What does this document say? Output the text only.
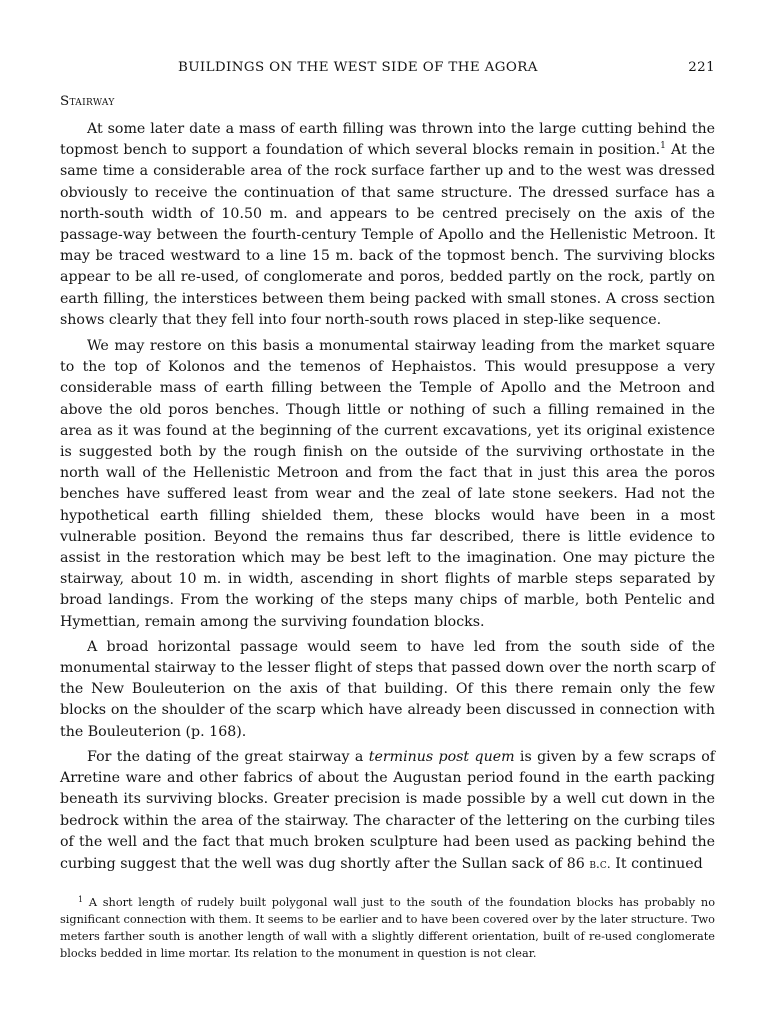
BUILDINGS ON THE WEST SIDE OF THE AGORA	221
Stairway

At some later date a mass of earth filling was thrown into the large cutting behind the topmost bench to support a foundation of which several blocks remain in position.$^1$ At the same time a considerable area of the rock surface farther up and to the west was dressed obviously to receive the continuation of that same structure. The dressed surface has a north-south width of 10.50 m. and appears to be centred precisely on the axis of the passage-way between the fourth-century Temple of Apollo and the Hellenistic Metroon. It may be traced westward to a line 15 m. back of the topmost bench. The surviving blocks appear to be all re-used, of conglomerate and poros, bedded partly on the rock, partly on earth filling, the interstices between them being packed with small stones. A cross section shows clearly that they fell into four north-south rows placed in step-like sequence.

We may restore on this basis a monumental stairway leading from the market square to the top of Kolonos and the temenos of Hephaistos. This would presuppose a very considerable mass of earth filling between the Temple of Apollo and the Metroon and above the old poros benches. Though little or nothing of such a filling remained in the area as it was found at the beginning of the current excavations, yet its original existence is suggested both by the rough finish on the outside of the surviving orthostate in the north wall of the Hellenistic Metroon and from the fact that in just this area the poros benches have suffered least from wear and the zeal of late stone seekers. Had not the hypothetical earth filling shielded them, these blocks would have been in a most vulnerable position. Beyond the remains thus far described, there is little evidence to assist in the restoration which may be best left to the imagination. One may picture the stairway, about 10 m. in width, ascending in short flights of marble steps separated by broad landings. From the working of the steps many chips of marble, both Pentelic and Hymettian, remain among the surviving foundation blocks.

A broad horizontal passage would seem to have led from the south side of the monumental stairway to the lesser flight of steps that passed down over the north scarp of the New Bouleuterion on the axis of that building. Of this there remain only the few blocks on the shoulder of the scarp which have already been discussed in connection with the Bouleuterion (p. 168).

For the dating of the great stairway a terminus post quem is given by a few scraps of Arretine ware and other fabrics of about the Augustan period found in the earth packing beneath its surviving blocks. Greater precision is made possible by a well cut down in the bedrock within the area of the stairway. The character of the lettering on the curbing tiles of the well and the fact that much broken sculpture had been used as packing behind the curbing suggest that the well was dug shortly after the Sullan sack of 86 b.c. It continued

$^1$ A short length of rudely built polygonal wall just to the south of the foundation blocks has probably no significant connection with them. It seems to be earlier and to have been covered over by the later structure. Two meters farther south is another length of wall with a slightly different orientation, built of re-used conglomerate blocks bedded in lime mortar. Its relation to the monument in question is not clear.
